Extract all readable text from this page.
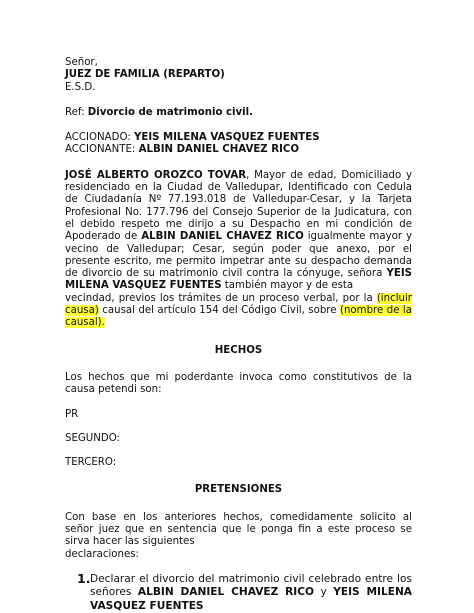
Señor,
JUEZ DE FAMILIA (REPARTO)
E.S.D.
Ref: Divorcio de matrimonio civil.
ACCIONADO: YEIS MILENA VASQUEZ FUENTES
ACCIONANTE: ALBIN DANIEL CHAVEZ RICO
JOSÉ ALBERTO OROZCO TOVAR, Mayor de edad, Domiciliado y residenciado en la Ciudad de Valledupar, Identificado con Cedula de Ciudadanía Nº 77.193.018 de Valledupar-Cesar, y la Tarjeta Profesional No. 177.796 del Consejo Superior de la Judicatura, con el debido respeto me dirijo a su Despacho en mi condición de Apoderado de ALBIN DANIEL CHAVEZ RICO igualmente mayor y vecino de Valledupar; Cesar, según poder que anexo, por el presente escrito, me permito impetrar ante su despacho demanda de divorcio de su matrimonio civil contra la cónyuge, señora YEIS MILENA VASQUEZ FUENTES también mayor y de esta
vecindad, previos los trámites de un proceso verbal, por la (incluir causa) causal del artículo 154 del Código Civil, sobre (nombre de la causal).
HECHOS
Los hechos que mi poderdante invoca como constitutivos de la causa petendi son:
PR
SEGUNDO:
TERCERO:
PRETENSIONES
Con base en los anteriores hechos, comedidamente solicito al señor juez que en sentencia que le ponga fin a este proceso se sirva hacer las siguientes
declaraciones:
1. Declarar el divorcio del matrimonio civil celebrado entre los señores ALBIN DANIEL CHAVEZ RICO y YEIS MILENA VASQUEZ FUENTES
